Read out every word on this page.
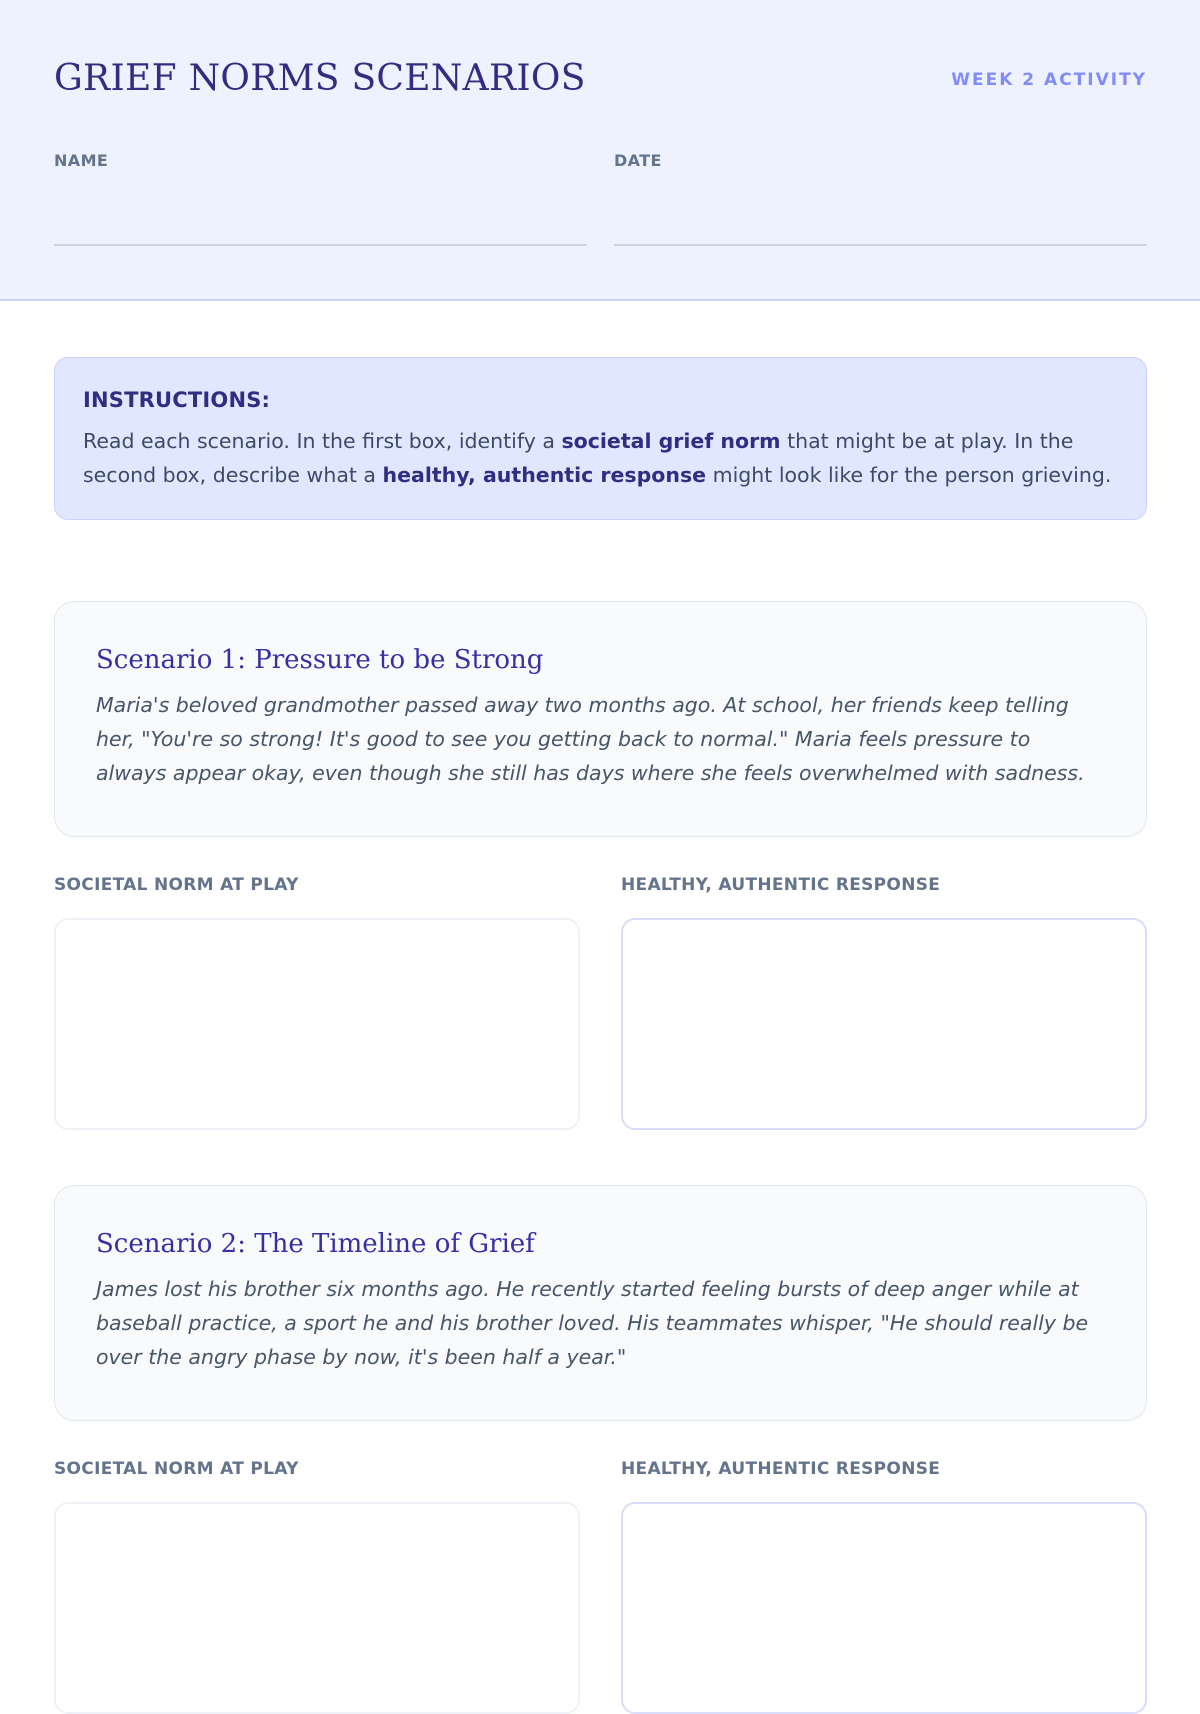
GRIEF NORMS SCENARIOS	WEEK 2 ACTIVITY
NAME	DATE

INSTRUCTIONS:

Read each scenario. In the first box, identify a societal grief norm that might be at play. In the second box, describe what a healthy, authentic response might look like for the person grieving.

Scenario 1: Pressure to be Strong

Maria's beloved grandmother passed away two months ago. At school, her friends keep telling her, "You're so strong! It's good to see you getting back to normal." Maria feels pressure to always appear okay, even though she still has days where she feels overwhelmed with sadness.

SOCIETAL NORM AT PLAY	HEALTHY, AUTHENTIC RESPONSE
Scenario 2: The Timeline of Grief

James lost his brother six months ago. He recently started feeling bursts of deep anger while at baseball practice, a sport he and his brother loved. His teammates whisper, "He should really be over the angry phase by now, it's been half a year."

SOCIETAL NORM AT PLAY	HEALTHY, AUTHENTIC RESPONSE
